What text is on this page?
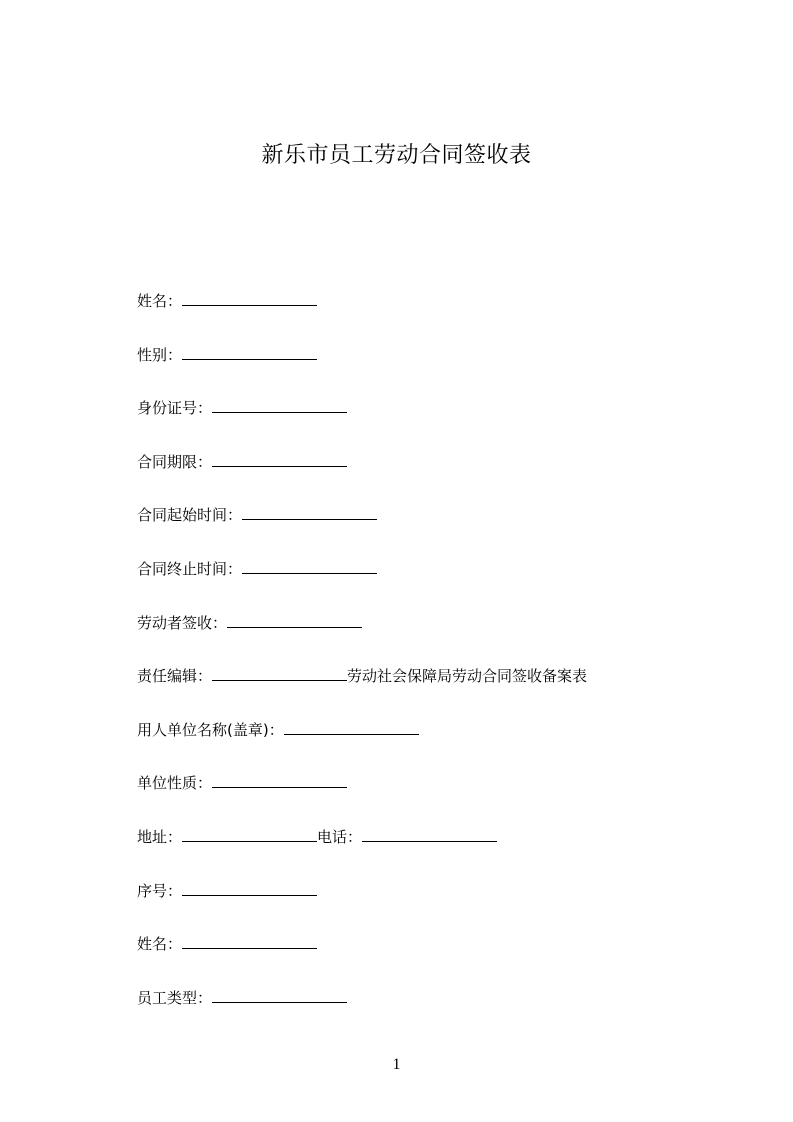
新乐市员工劳动合同签收表
姓名：
性别：
身份证号：
合同期限：
合同起始时间：
合同终止时间：
劳动者签收：
责任编辑：	劳动社会保障局劳动合同签收备案表
用人单位名称(盖章)：
单位性质：
地址：	电话：
序号：
姓名：
员工类型：
1
